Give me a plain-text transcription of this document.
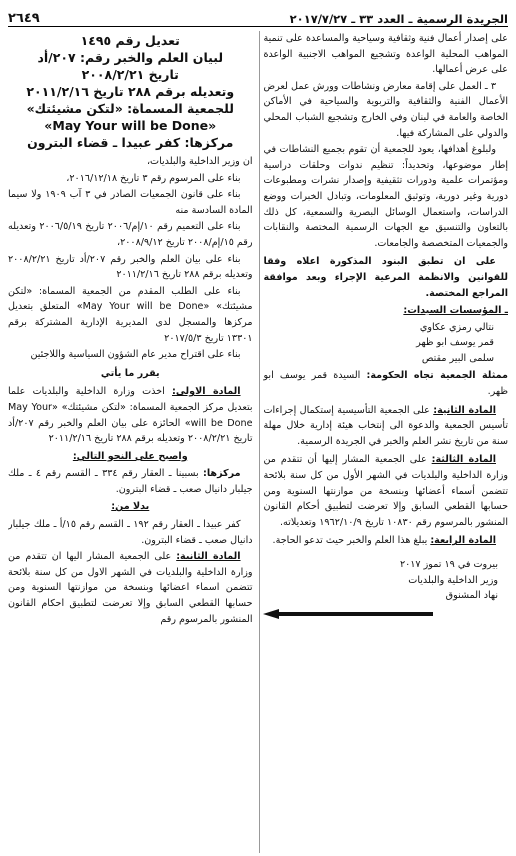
الجريدة الرسمية ـ العدد ٣٣ ـ ٢٠١٧/٧/٢٧
٢٦٤٩

على إصدار أعمال فنية وثقافية وسياحية والمساعدة على تنمية المواهب المحلية الواعدة وتشجيع المواهب الاجنبية الواعدة على عرض أعمالها.

٣ ـ العمل على إقامة معارض ونشاطات وورش عمل لعرض الأعمال الفنية والثقافية والتربوية والسياحية في الأماكن الخاصة والعامة في لبنان وفي الخارج وتشجيع الشباب المحلي والدولي على المشاركة فيها.

ولبلوغ أهدافها، يعود للجمعية أن تقوم بجميع النشاطات في إطار موضوعها، وتحديداً: تنظيم ندوات وحلقات دراسية ومؤتمرات علمية ودورات تثقيفية وإصدار نشرات ومطبوعات دورية وغير دورية، وتوثيق المعلومات، وتبادل الخبرات ووضع الدراسات، واستعمال الوسائل البصرية والسمعية، كل ذلك بالتعاون والتنسيق مع الجهات الرسمية المختصة والنقابات والجمعيات المتخصصة والجامعات.

على ان تطبق البنود المذكورة اعلاه وفقا للقوانين والانظمة المرعية الإجراء وبعد موافقة المراجع المختصة.

ـ المؤسسات السيدات:

نتالي رمزي عكاوي

قمر يوسف ابو ظهر

سلمى البير مقتص

ممثلة الجمعية تجاه الحكومة: السيدة قمر يوسف ابو ظهر.

المادة الثانية: على الجمعية التأسيسية إستكمال إجراءات تأسيس الجمعية والدعوة الى إنتخاب هيئة إدارية خلال مهلة سنة من تاريخ نشر العلم والخبر في الجريدة الرسمية.

المادة الثالثة: على الجمعية المشار إليها أن تتقدم من وزارة الداخلية والبلديات في الشهر الأول من كل سنة بلائحة تتضمن أسماء أعضائها وبنسخة من موازنتها السنوية ومن حسابها القطعي السابق وإلا تعرضت لتطبيق أحكام القانون المنشور بالمرسوم رقم ١٠٨٣٠ تاريخ ١٩٦٢/١٠/٩ وتعديلاته.

المادة الرابعة: يبلغ هذا العلم والخبر حيث تدعو الحاجة.

بيروت في ١٩ تموز ٢٠١٧

وزير الداخلية والبلديات

نهاد المشنوق

تعديل رقم ١٤٩٥
لبيان العلم والخبر رقم: ٢٠٧/أد
تاريخ ٢٠٠٨/٢/٢١
وتعديله برقم ٢٨٨ تاريخ ٢٠١١/٢/١٦
للجمعية المسماة: «لتكن مشيئتك»
«May Your will be Done»
مركزها: كفر عبيدا ـ قضاء البترون

ان وزير الداخلية والبلديات،

بناء على المرسوم رقم ٣ تاريخ ٢٠١٦/١٢/١٨،

بناء على قانون الجمعيات الصادر في ٣ آب ١٩٠٩ ولا سيما المادة السادسة منه

بناء على التعميم رقم ١٠/إم/٢٠٠٦ تاريخ ٢٠٠٦/٥/١٩ وتعديله رقم ١٥/إم/٢٠٠٨ تاريخ ٢٠٠٨/٩/١٢،

بناء على بيان العلم والخبر رقم ٢٠٧/أد تاريخ ٢٠٠٨/٢/٢١ وتعديله برقم ٢٨٨ تاريخ ٢٠١١/٢/١٦

بناء على الطلب المقدم من الجمعية المسماة: «لتكن مشيئتك» «May Your will be Done» المتعلق بتعديل مركزها والمسجل لدى المديرية الإدارية المشتركة برقم ١٣٣٠١ تاريخ ٢٠١٧/٥/٣

بناء على اقتراح مدير عام الشؤون السياسية واللاجئين

يقرر ما يأتي

المادة الاولى: اخذت وزارة الداخلية والبلديات علما بتعديل مركز الجمعية المسماة: «لتكن مشيئتك» «May Your will be Done» الحائزة على بيان العلم والخبر رقم ٢٠٧/أد تاريخ ٢٠٠٨/٢/٢١ وتعديله برقم ٢٨٨ تاريخ ٢٠١١/٢/١٦

واصبح على النحو التالي:

مركزها: بسبينا ـ العقار رقم ٣٣٤ ـ القسم رقم ٤ ـ ملك جيلبار دانيال صعب ـ قضاء البترون.

بدلا من:

كفر عبيدا ـ العقار رقم ١٩٢ ـ القسم رقم ١٥/أ ـ ملك جيلبار دانيال صعب ـ قضاء البترون.

المادة الثانية: على الجمعية المشار اليها ان تتقدم من وزارة الداخلية والبلديات في الشهر الاول من كل سنة بلائحة تتضمن اسماء اعضائها وبنسخة من موازنتها السنوية ومن حسابها القطعي السابق وإلا تعرضت لتطبيق احكام القانون المنشور بالمرسوم رقم
